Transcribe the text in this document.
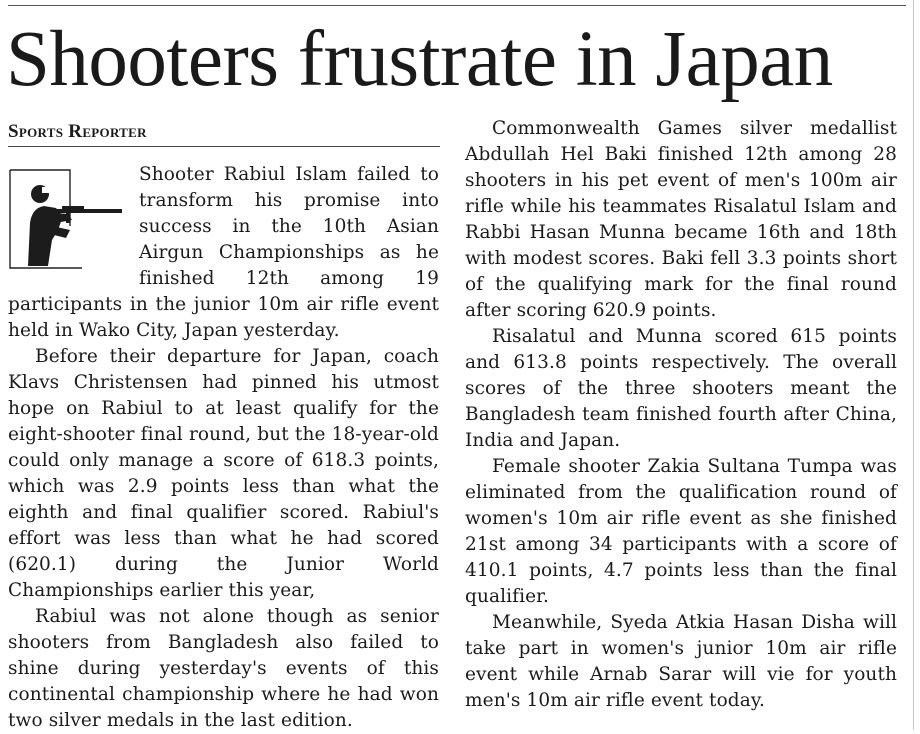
Shooters frustrate in Japan
Sports Reporter

Shooter Rabiul Islam failed to transform his promise into success in the 10th Asian Airgun Championships as he finished 12th among 19 participants in the junior 10m air rifle event held in Wako City, Japan yesterday.

Before their departure for Japan, coach Klavs Christensen had pinned his utmost hope on Rabiul to at least qualify for the eight-shooter final round, but the 18-year-old could only manage a score of 618.3 points, which was 2.9 points less than what the eighth and final qualifier scored. Rabiul's effort was less than what he had scored (620.1) during the Junior World Championships earlier this year,

Rabiul was not alone though as senior shooters from Bangladesh also failed to shine during yesterday's events of this continental championship where he had won two silver medals in the last edition.

Commonwealth Games silver medallist Abdullah Hel Baki finished 12th among 28 shooters in his pet event of men's 100m air rifle while his teammates Risalatul Islam and Rabbi Hasan Munna became 16th and 18th with modest scores. Baki fell 3.3 points short of the qualifying mark for the final round after scoring 620.9 points.

Risalatul and Munna scored 615 points and 613.8 points respectively. The overall scores of the three shooters meant the Bangladesh team finished fourth after China, India and Japan.

Female shooter Zakia Sultana Tumpa was eliminated from the qualification round of women's 10m air rifle event as she finished 21st among 34 participants with a score of 410.1 points, 4.7 points less than the final qualifier.

Meanwhile, Syeda Atkia Hasan Disha will take part in women's junior 10m air rifle event while Arnab Sarar will vie for youth men's 10m air rifle event today.
